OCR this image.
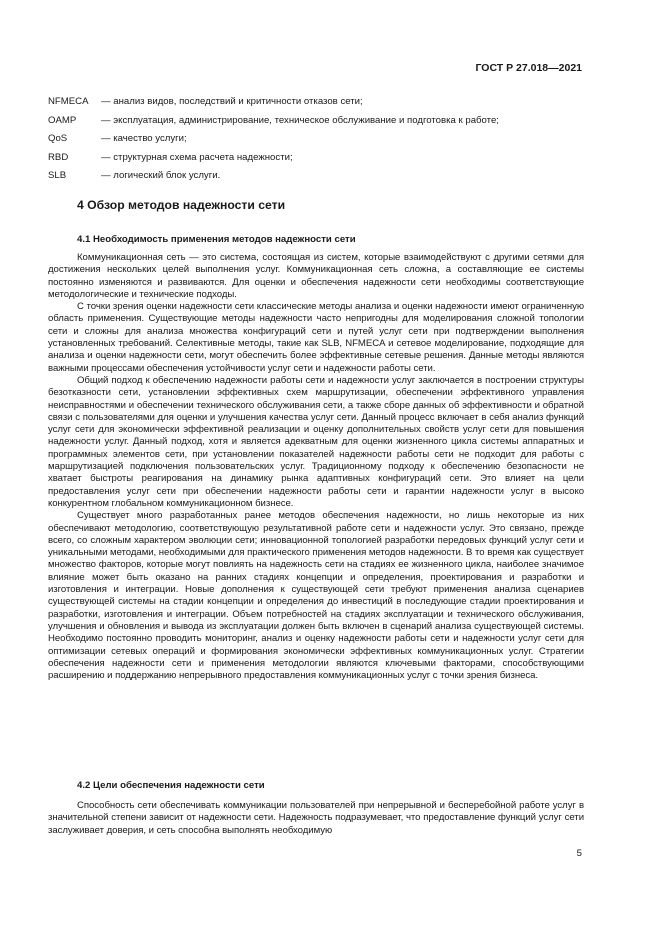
ГОСТ Р 27.018—2021
NFMECA	— анализ видов, последствий и критичности отказов сети;
OAMP	— эксплуатация, администрирование, техническое обслуживание и подготовка к работе;
QoS	— качество услуги;
RBD	— структурная схема расчета надежности;
SLB	— логический блок услуги.
4 Обзор методов надежности сети
4.1 Необходимость применения методов надежности сети

Коммуникационная сеть — это система, состоящая из систем, которые взаимодействуют с другими сетями для достижения нескольких целей выполнения услуг. Коммуникационная сеть сложна, а составляющие ее системы постоянно изменяются и развиваются. Для оценки и обеспечения надежности сети необходимы соответствующие методологические и технические подходы.

С точки зрения оценки надежности сети классические методы анализа и оценки надежности имеют ограниченную область применения. Существующие методы надежности часто непригодны для моделирования сложной топологии сети и сложны для анализа множества конфигураций сети и путей услуг сети при подтверждении выполнения установленных требований. Селективные методы, такие как SLB, NFMECA и сетевое моделирование, подходящие для анализа и оценки надежности сети, могут обеспечить более эффективные сетевые решения. Данные методы являются важными процессами обеспечения устойчивости услуг сети и надежности работы сети.

Общий подход к обеспечению надежности работы сети и надежности услуг заключается в построении структуры безотказности сети, установлении эффективных схем маршрутизации, обеспечении эффективного управления неисправностями и обеспечении технического обслуживания сети, а также сборе данных об эффективности и обратной связи с пользователями для оценки и улучшения качества услуг сети. Данный процесс включает в себя анализ функций услуг сети для экономически эффективной реализации и оценку дополнительных свойств услуг сети для повышения надежности услуг. Данный подход, хотя и является адекватным для оценки жизненного цикла системы аппаратных и программных элементов сети, при установлении показателей надежности работы сети не подходит для работы с маршрутизацией подключения пользовательских услуг. Традиционному подходу к обеспечению безопасности не хватает быстроты реагирования на динамику рынка адаптивных конфигураций сети. Это влияет на цели предоставления услуг сети при обеспечении надежности работы сети и гарантии надежности услуг в высоко конкурентном глобальном коммуникационном бизнесе.

Существует много разработанных ранее методов обеспечения надежности, но лишь некоторые из них обеспечивают методологию, соответствующую результативной работе сети и надежности услуг. Это связано, прежде всего, со сложным характером эволюции сети; инновационной топологией разработки передовых функций услуг сети и уникальными методами, необходимыми для практического применения методов надежности. В то время как существует множество факторов, которые могут повлиять на надежность сети на стадиях ее жизненного цикла, наиболее значимое влияние может быть оказано на ранних стадиях концепции и определения, проектирования и разработки и изготовления и интеграции. Новые дополнения к существующей сети требуют применения анализа сценариев существующей системы на стадии концепции и определения до инвестиций в последующие стадии проектирования и разработки, изготовления и интеграции. Объем потребностей на стадиях эксплуатации и технического обслуживания, улучшения и обновления и вывода из эксплуатации должен быть включен в сценарий анализа существующей системы. Необходимо постоянно проводить мониторинг, анализ и оценку надежности работы сети и надежности услуг сети для оптимизации сетевых операций и формирования экономически эффективных коммуникационных услуг. Стратегии обеспечения надежности сети и применения методологии являются ключевыми факторами, способствующими расширению и поддержанию непрерывного предоставления коммуникационных услуг с точки зрения бизнеса.

4.2 Цели обеспечения надежности сети

Способность сети обеспечивать коммуникации пользователей при непрерывной и бесперебойной работе услуг в значительной степени зависит от надежности сети. Надежность подразумевает, что предоставление функций услуг сети заслуживает доверия, и сеть способна выполнять необходимую

5
